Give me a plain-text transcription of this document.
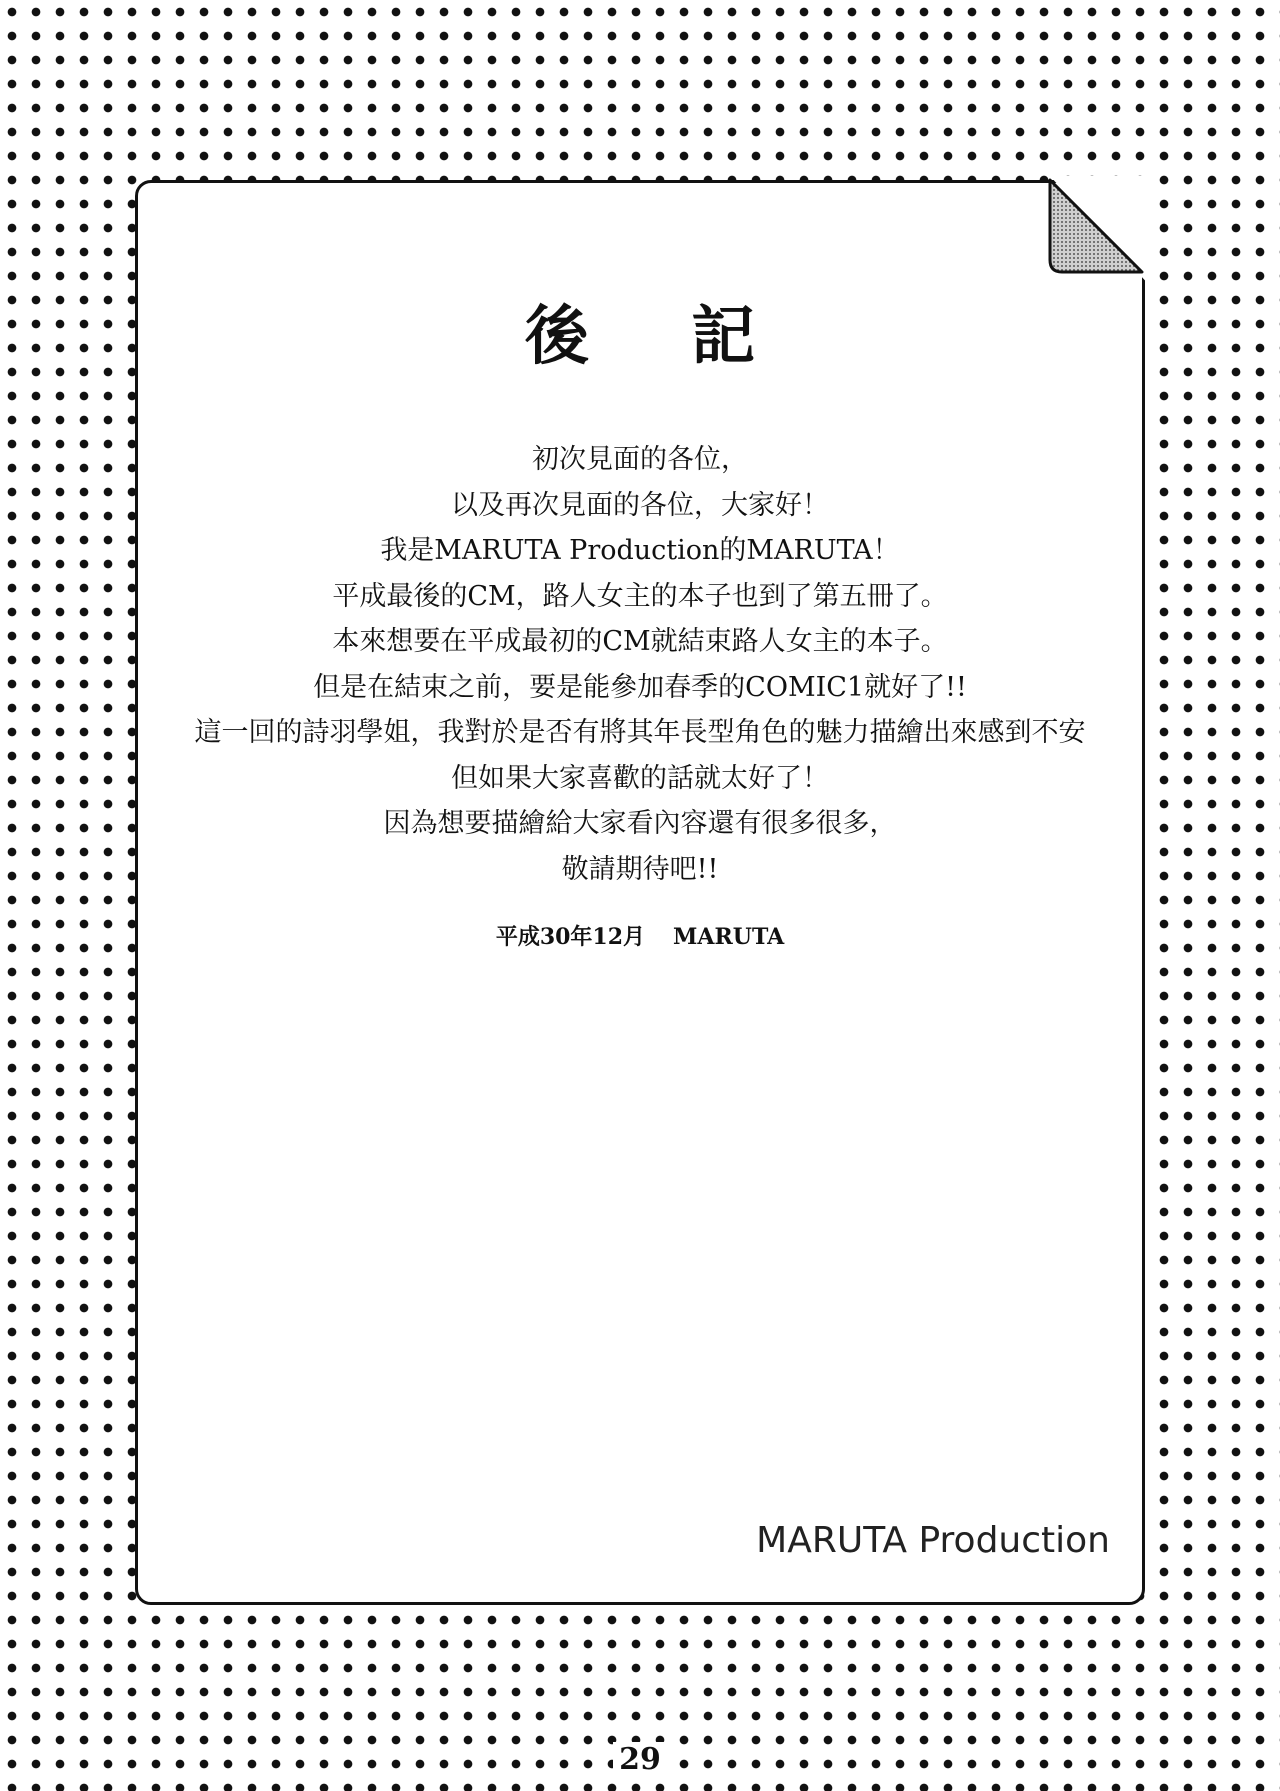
後 記
初次見面的各位，
以及再次見面的各位，大家好！
我是MARUTA Production的MARUTA！
平成最後的CM，路人女主的本子也到了第五冊了。
本來想要在平成最初的CM就結束路人女主的本子。
但是在結束之前，要是能參加春季的COMIC1就好了!!
這一回的詩羽學姐，我對於是否有將其年長型角色的魅力描繪出來感到不安
但如果大家喜歡的話就太好了！
因為想要描繪給大家看內容還有很多很多，
敬請期待吧!!
平成30年12月 MARUTA
MARUTA Production
29
